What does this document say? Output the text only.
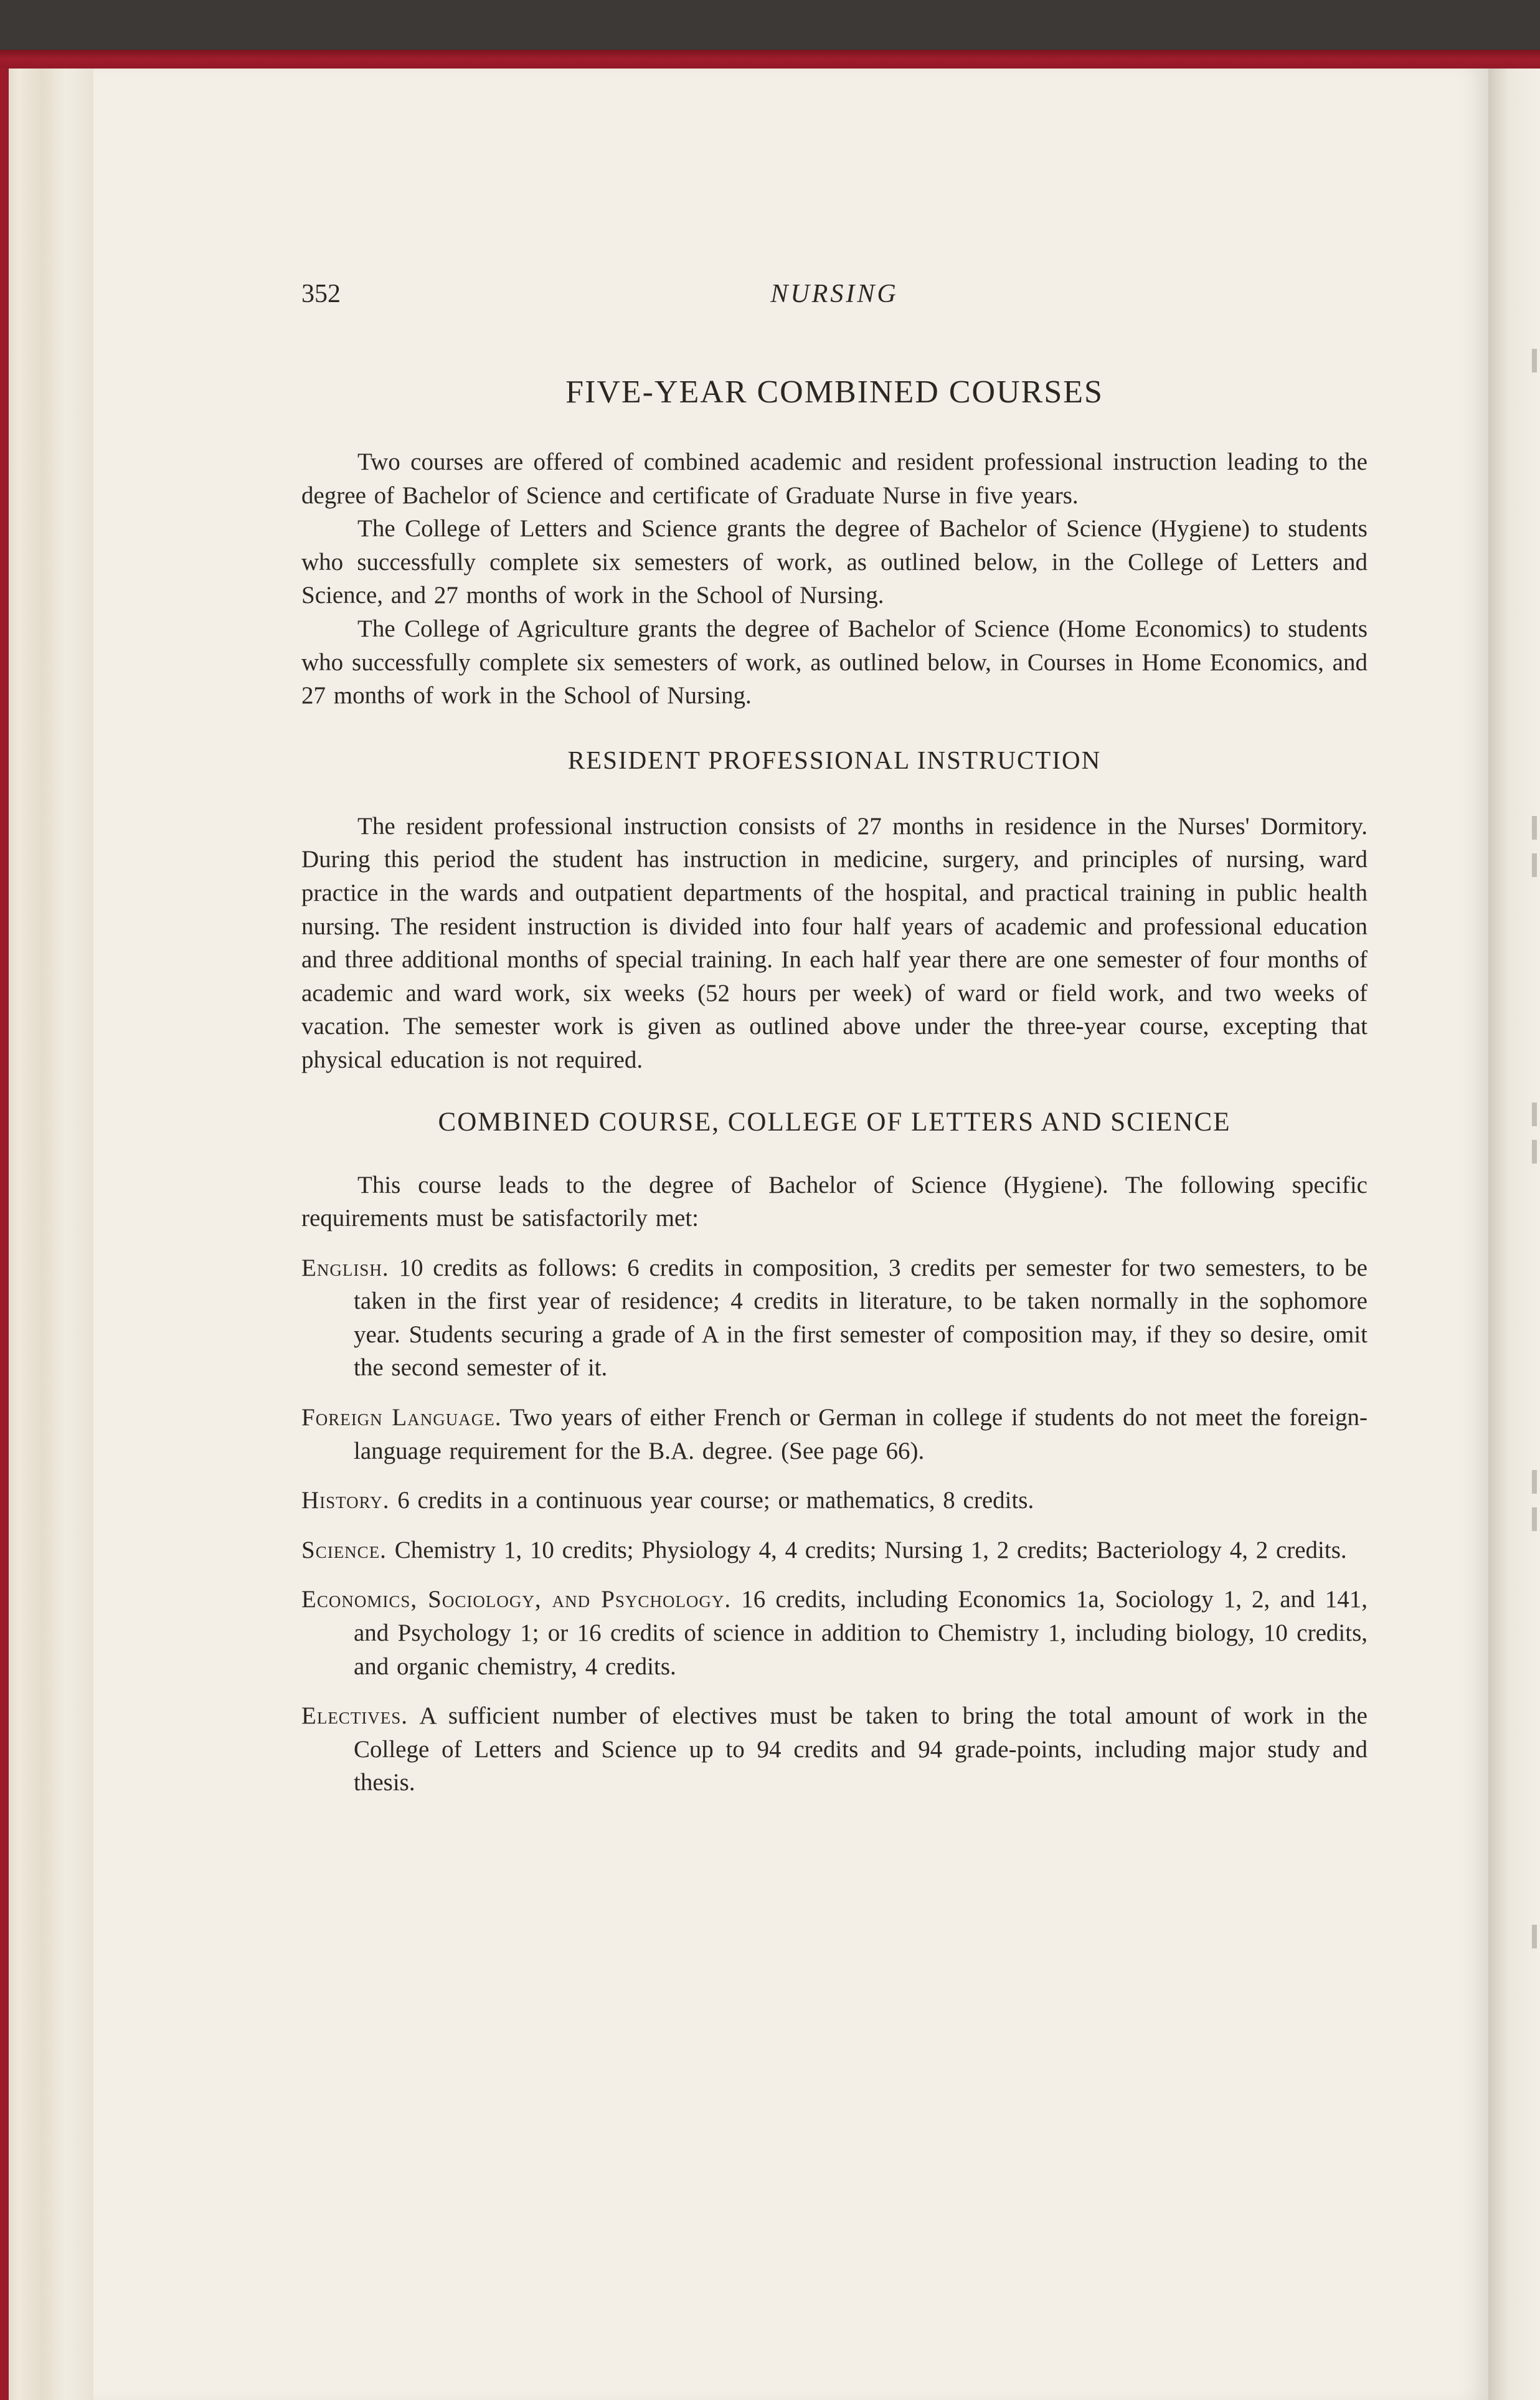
352	NURSING
FIVE-YEAR COMBINED COURSES

Two courses are offered of combined academic and resident professional instruction leading to the degree of Bachelor of Science and certificate of Graduate Nurse in five years.

The College of Letters and Science grants the degree of Bachelor of Science (Hygiene) to students who successfully complete six semesters of work, as outlined below, in the College of Letters and Science, and 27 months of work in the School of Nursing.

The College of Agriculture grants the degree of Bachelor of Science (Home Economics) to students who successfully complete six semesters of work, as outlined below, in Courses in Home Economics, and 27 months of work in the School of Nursing.

RESIDENT PROFESSIONAL INSTRUCTION

The resident professional instruction consists of 27 months in residence in the Nurses' Dormitory. During this period the student has instruction in medicine, surgery, and principles of nursing, ward practice in the wards and outpatient departments of the hospital, and practical training in public health nursing. The resident instruction is divided into four half years of academic and professional education and three additional months of special training. In each half year there are one semester of four months of academic and ward work, six weeks (52 hours per week) of ward or field work, and two weeks of vacation. The semester work is given as outlined above under the three-year course, excepting that physical education is not required.

COMBINED COURSE, COLLEGE OF LETTERS AND SCIENCE

This course leads to the degree of Bachelor of Science (Hygiene). The following specific requirements must be satisfactorily met:

English. 10 credits as follows: 6 credits in composition, 3 credits per semester for two semesters, to be taken in the first year of residence; 4 credits in literature, to be taken normally in the sophomore year. Students securing a grade of A in the first semester of composition may, if they so desire, omit the second semester of it.
Foreign Language. Two years of either French or German in college if students do not meet the foreign-language requirement for the B.A. degree. (See page 66).
History. 6 credits in a continuous year course; or mathematics, 8 credits.
Science. Chemistry 1, 10 credits; Physiology 4, 4 credits; Nursing 1, 2 credits; Bacteriology 4, 2 credits.
Economics, Sociology, and Psychology. 16 credits, including Economics 1a, Sociology 1, 2, and 141, and Psychology 1; or 16 credits of science in addition to Chemistry 1, including biology, 10 credits, and organic chemistry, 4 credits.
Electives. A sufficient number of electives must be taken to bring the total amount of work in the College of Letters and Science up to 94 credits and 94 grade-points, including major study and thesis.
